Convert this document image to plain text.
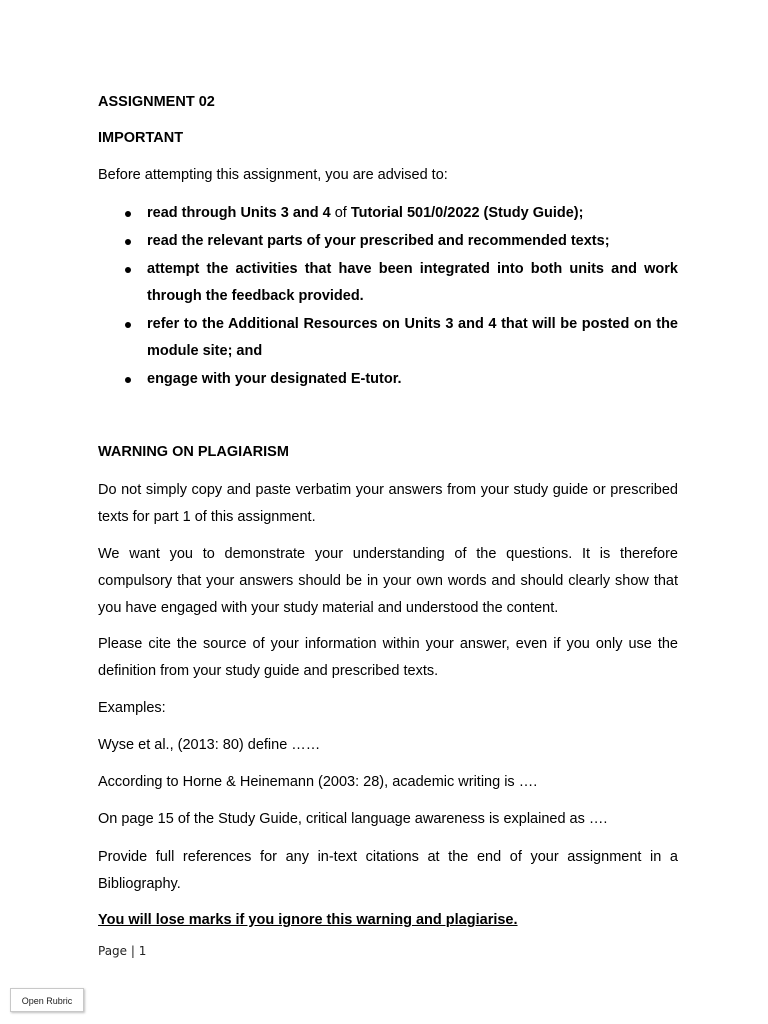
ASSIGNMENT 02

IMPORTANT

Before attempting this assignment, you are advised to:

read through Units 3 and 4 of Tutorial 501/0/2022 (Study Guide);
read the relevant parts of your prescribed and recommended texts;
attempt the activities that have been integrated into both units and work through the feedback provided.
refer to the Additional Resources on Units 3 and 4 that will be posted on the module site; and
engage with your designated E-tutor.

WARNING ON PLAGIARISM

Do not simply copy and paste verbatim your answers from your study guide or prescribed texts for part 1 of this assignment.

We want you to demonstrate your understanding of the questions. It is therefore compulsory that your answers should be in your own words and should clearly show that you have engaged with your study material and understood the content.

Please cite the source of your information within your answer, even if you only use the definition from your study guide and prescribed texts.

Examples:

Wyse et al., (2013: 80) define ……

According to Horne & Heinemann (2003: 28), academic writing is ….

On page 15 of the Study Guide, critical language awareness is explained as ….

Provide full references for any in-text citations at the end of your assignment in a Bibliography.

You will lose marks if you ignore this warning and plagiarise.

Page | 1
Open Rubric
